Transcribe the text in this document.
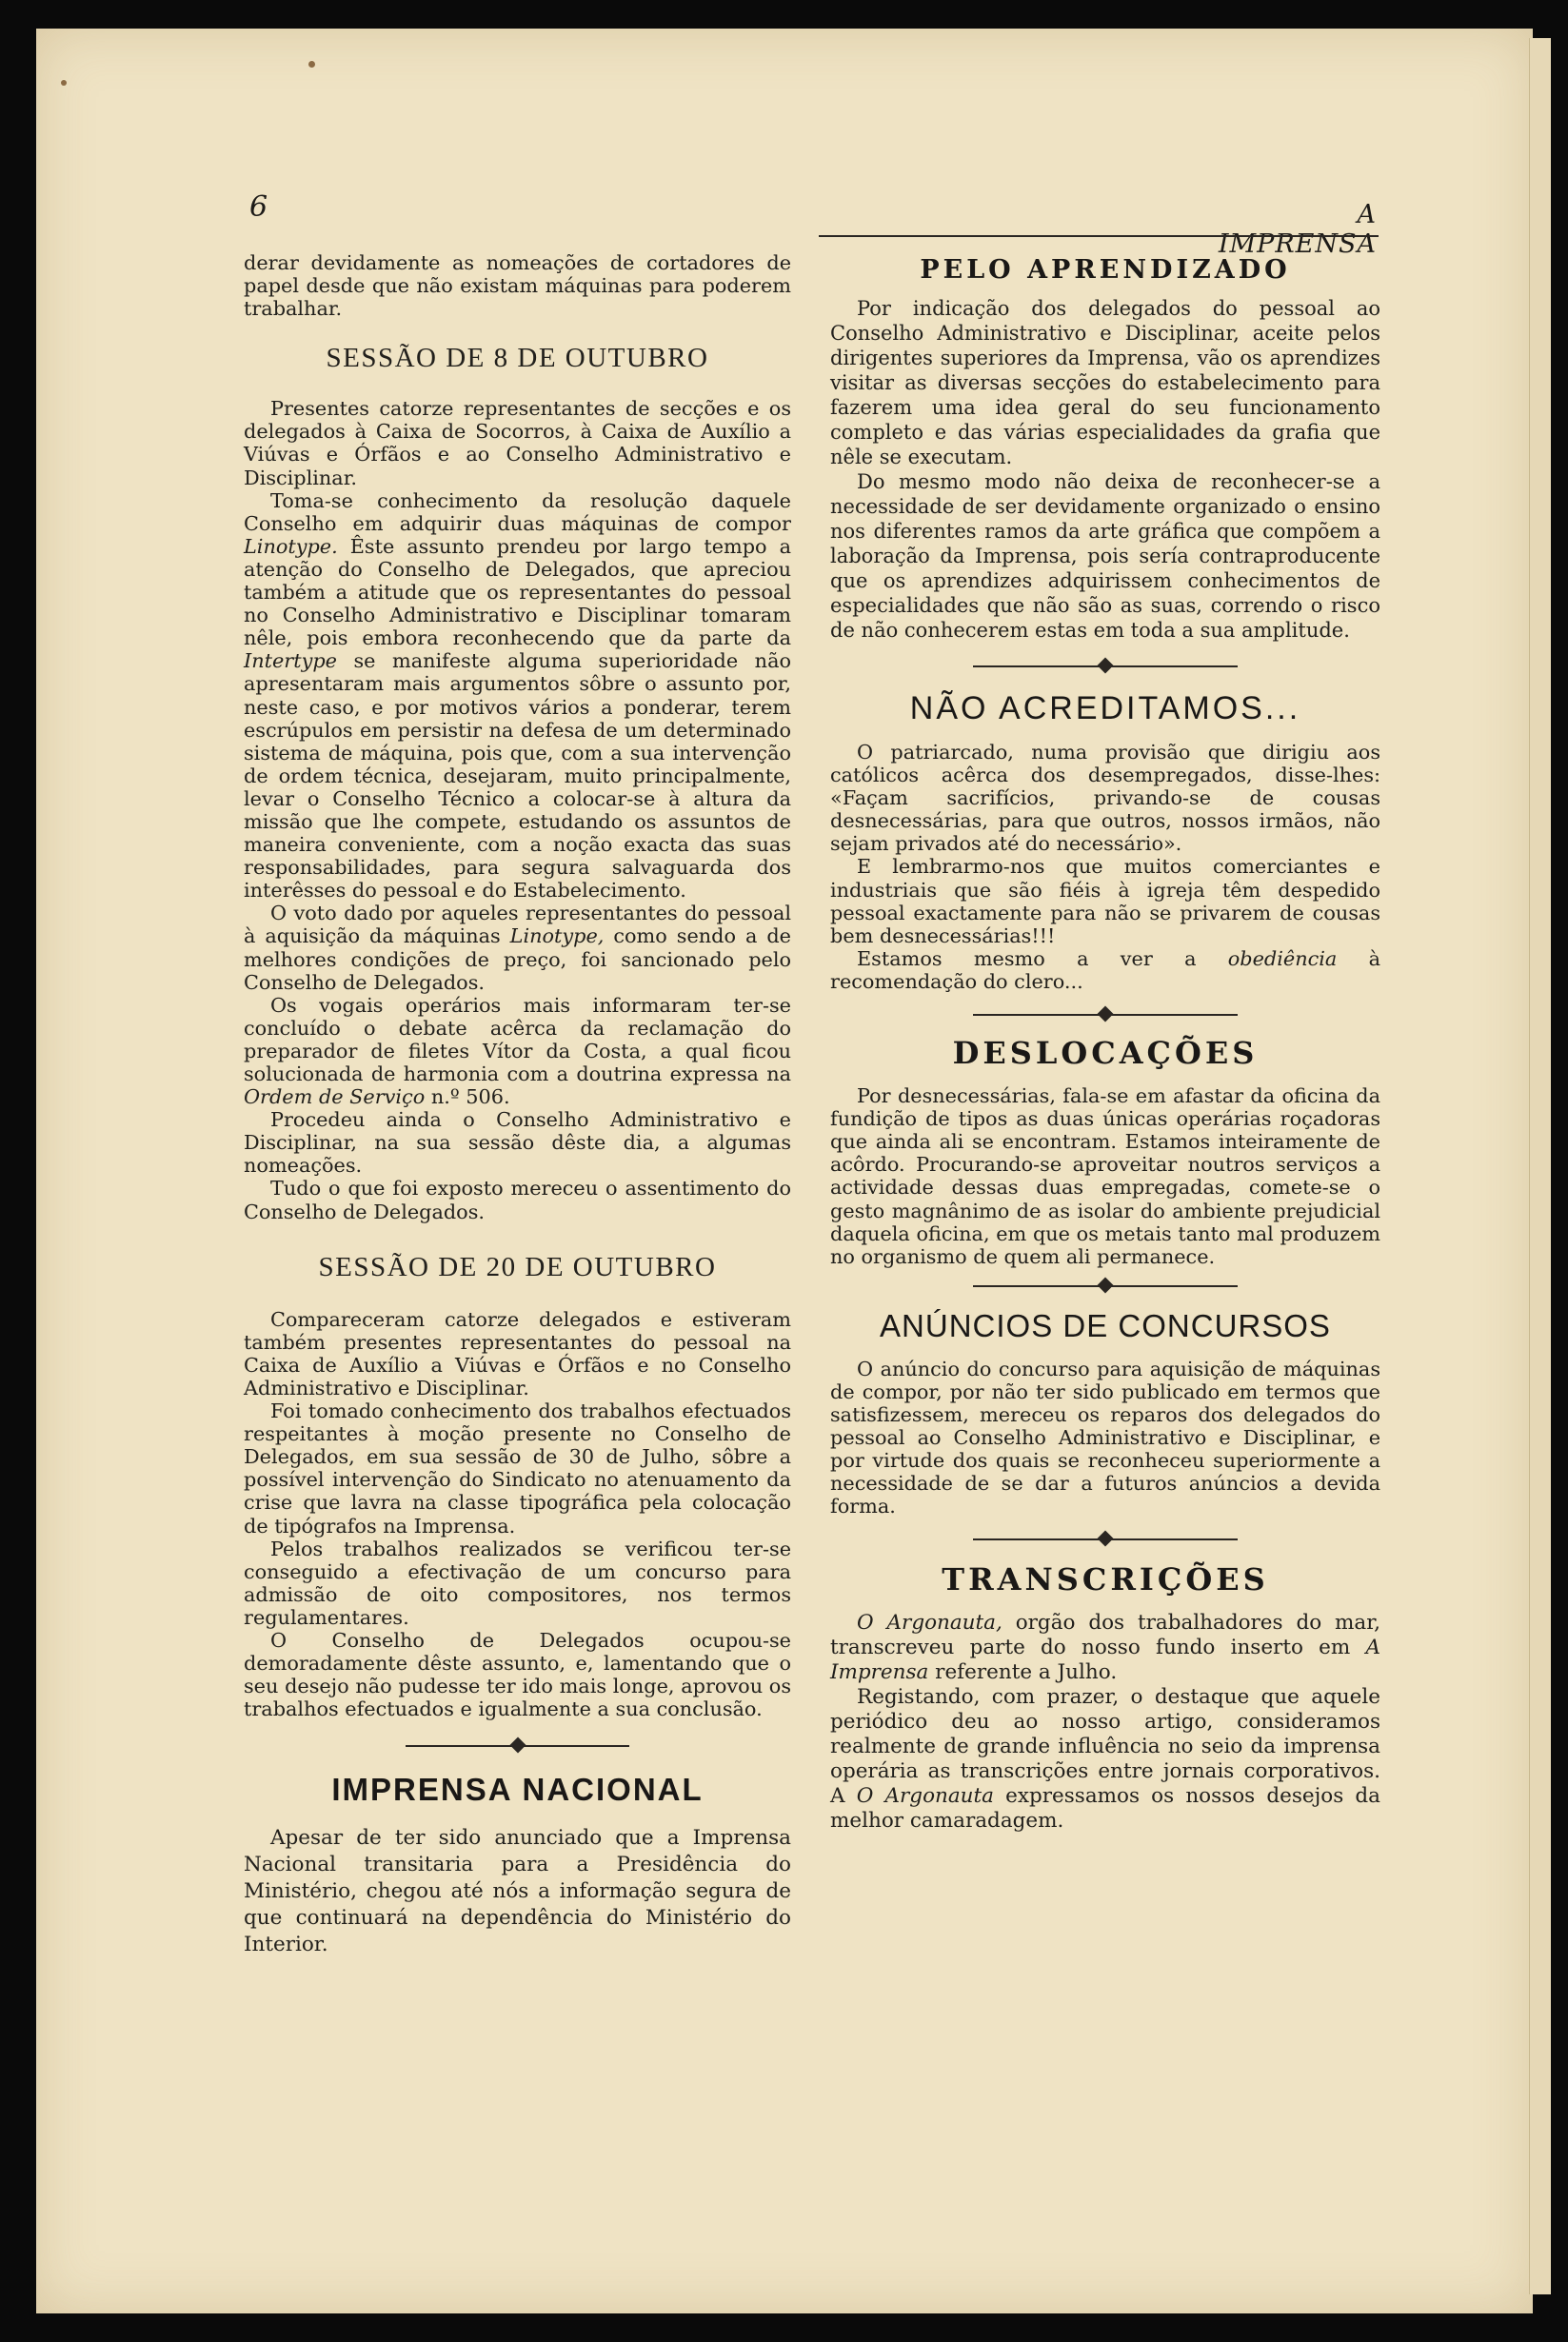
6	A IMPRENSA

derar devidamente as nomeações de cortadores de papel desde que não existam máquinas para poderem trabalhar.

SESSÃO DE 8 DE OUTUBRO

Presentes catorze representantes de secções e os delegados à Caixa de Socorros, à Caixa de Auxílio a Viúvas e Órfãos e ao Conselho Administrativo e Disciplinar.

Toma-se conhecimento da resolução daquele Conselho em adquirir duas máquinas de compor Linotype. Êste assunto prendeu por largo tempo a atenção do Conselho de Delegados, que apreciou também a atitude que os representantes do pessoal no Conselho Administrativo e Disciplinar tomaram nêle, pois embora reconhecendo que da parte da Intertype se manifeste alguma superioridade não apresentaram mais argumentos sôbre o assunto por, neste caso, e por motivos vários a ponderar, terem escrúpulos em persistir na defesa de um determinado sistema de máquina, pois que, com a sua intervenção de ordem técnica, desejaram, muito principalmente, levar o Conselho Técnico a colocar-se à altura da missão que lhe compete, estudando os assuntos de maneira conveniente, com a noção exacta das suas responsabilidades, para segura salvaguarda dos interêsses do pessoal e do Estabelecimento.

O voto dado por aqueles representantes do pessoal à aquisição da máquinas Linotype, como sendo a de melhores condições de preço, foi sancionado pelo Conselho de Delegados.

Os vogais operários mais informaram ter-se concluído o debate acêrca da reclamação do preparador de filetes Vítor da Costa, a qual ficou solucionada de harmonia com a doutrina expressa na Ordem de Serviço n.º 506.

Procedeu ainda o Conselho Administrativo e Disciplinar, na sua sessão dêste dia, a algumas nomeações.

Tudo o que foi exposto mereceu o assentimento do Conselho de Delegados.

SESSÃO DE 20 DE OUTUBRO

Compareceram catorze delegados e estiveram também presentes representantes do pessoal na Caixa de Auxílio a Viúvas e Órfãos e no Conselho Administrativo e Disciplinar.

Foi tomado conhecimento dos trabalhos efectuados respeitantes à moção presente no Conselho de Delegados, em sua sessão de 30 de Julho, sôbre a possível intervenção do Sindicato no atenuamento da crise que lavra na classe tipográfica pela colocação de tipógrafos na Imprensa.

Pelos trabalhos realizados se verificou ter-se conseguido a efectivação de um concurso para admissão de oito compositores, nos termos regulamentares.

O Conselho de Delegados ocupou-se demoradamente dêste assunto, e, lamentando que o seu desejo não pudesse ter ido mais longe, aprovou os trabalhos efectuados e igualmente a sua conclusão.

IMPRENSA NACIONAL

Apesar de ter sido anunciado que a Imprensa Nacional transitaria para a Presidência do Ministério, chegou até nós a informação segura de que continuará na dependência do Ministério do Interior.

PELO APRENDIZADO

Por indicação dos delegados do pessoal ao Conselho Administrativo e Disciplinar, aceite pelos dirigentes superiores da Imprensa, vão os aprendizes visitar as diversas secções do estabelecimento para fazerem uma idea geral do seu funcionamento completo e das várias especialidades da grafia que nêle se executam.

Do mesmo modo não deixa de reconhecer-se a necessidade de ser devidamente organizado o ensino nos diferentes ramos da arte gráfica que compõem a laboração da Imprensa, pois sería contraproducente que os aprendizes adquirissem conhecimentos de especialidades que não são as suas, correndo o risco de não conhecerem estas em toda a sua amplitude.

NÃO ACREDITAMOS...

O patriarcado, numa provisão que dirigiu aos católicos acêrca dos desempregados, disse-lhes: «Façam sacrifícios, privando-se de cousas desnecessárias, para que outros, nossos irmãos, não sejam privados até do necessário».

E lembrarmo-nos que muitos comerciantes e industriais que são fiéis à igreja têm despedido pessoal exactamente para não se privarem de cousas bem desnecessárias!!!

Estamos mesmo a ver a obediência à recomendação do clero...

DESLOCAÇÕES

Por desnecessárias, fala-se em afastar da oficina da fundição de tipos as duas únicas operárias roçadoras que ainda ali se encontram. Estamos inteiramente de acôrdo. Procurando-se aproveitar noutros serviços a actividade dessas duas empregadas, comete-se o gesto magnânimo de as isolar do ambiente prejudicial daquela oficina, em que os metais tanto mal produzem no organismo de quem ali permanece.

ANÚNCIOS DE CONCURSOS

O anúncio do concurso para aquisição de máquinas de compor, por não ter sido publicado em termos que satisfizessem, mereceu os reparos dos delegados do pessoal ao Conselho Administrativo e Disciplinar, e por virtude dos quais se reconheceu superiormente a necessidade de se dar a futuros anúncios a devida forma.

TRANSCRIÇÕES

O Argonauta, orgão dos trabalhadores do mar, transcreveu parte do nosso fundo inserto em A Imprensa referente a Julho.

Registando, com prazer, o destaque que aquele periódico deu ao nosso artigo, consideramos realmente de grande influência no seio da imprensa operária as transcrições entre jornais corporativos. A O Argonauta expressamos os nossos desejos da melhor camaradagem.
